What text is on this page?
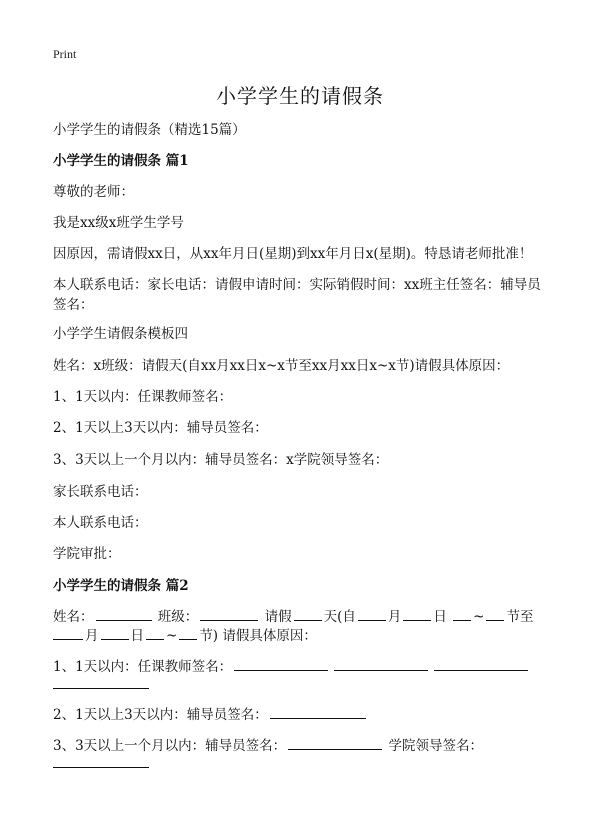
Print
小学学生的请假条
小学学生的请假条（精选15篇）
小学学生的请假条 篇1
尊敬的老师：
我是xx级x班学生学号
因原因，需请假xx日，从xx年月日(星期)到xx年月日x(星期)。特恳请老师批准！
本人联系电话：家长电话：请假申请时间：实际销假时间：xx班主任签名：辅导员签名：
小学学生请假条模板四
姓名：x班级：请假天(自xx月xx日x~x节至xx月xx日x~x节)请假具体原因：
1、1天以内：任课教师签名：
2、1天以上3天以内：辅导员签名：
3、3天以上一个月以内：辅导员签名：x学院领导签名：
家长联系电话：
本人联系电话：
学院审批：
小学学生的请假条 篇2
姓名：	班级：	请假 天(自 月 日 ~ 节至
月 日 ~ 节) 请假具体原因：
1、1天以内：任课教师签名：
2、1天以上3天以内：辅导员签名：
3、3天以上一个月以内：辅导员签名：	学院领导签名：
